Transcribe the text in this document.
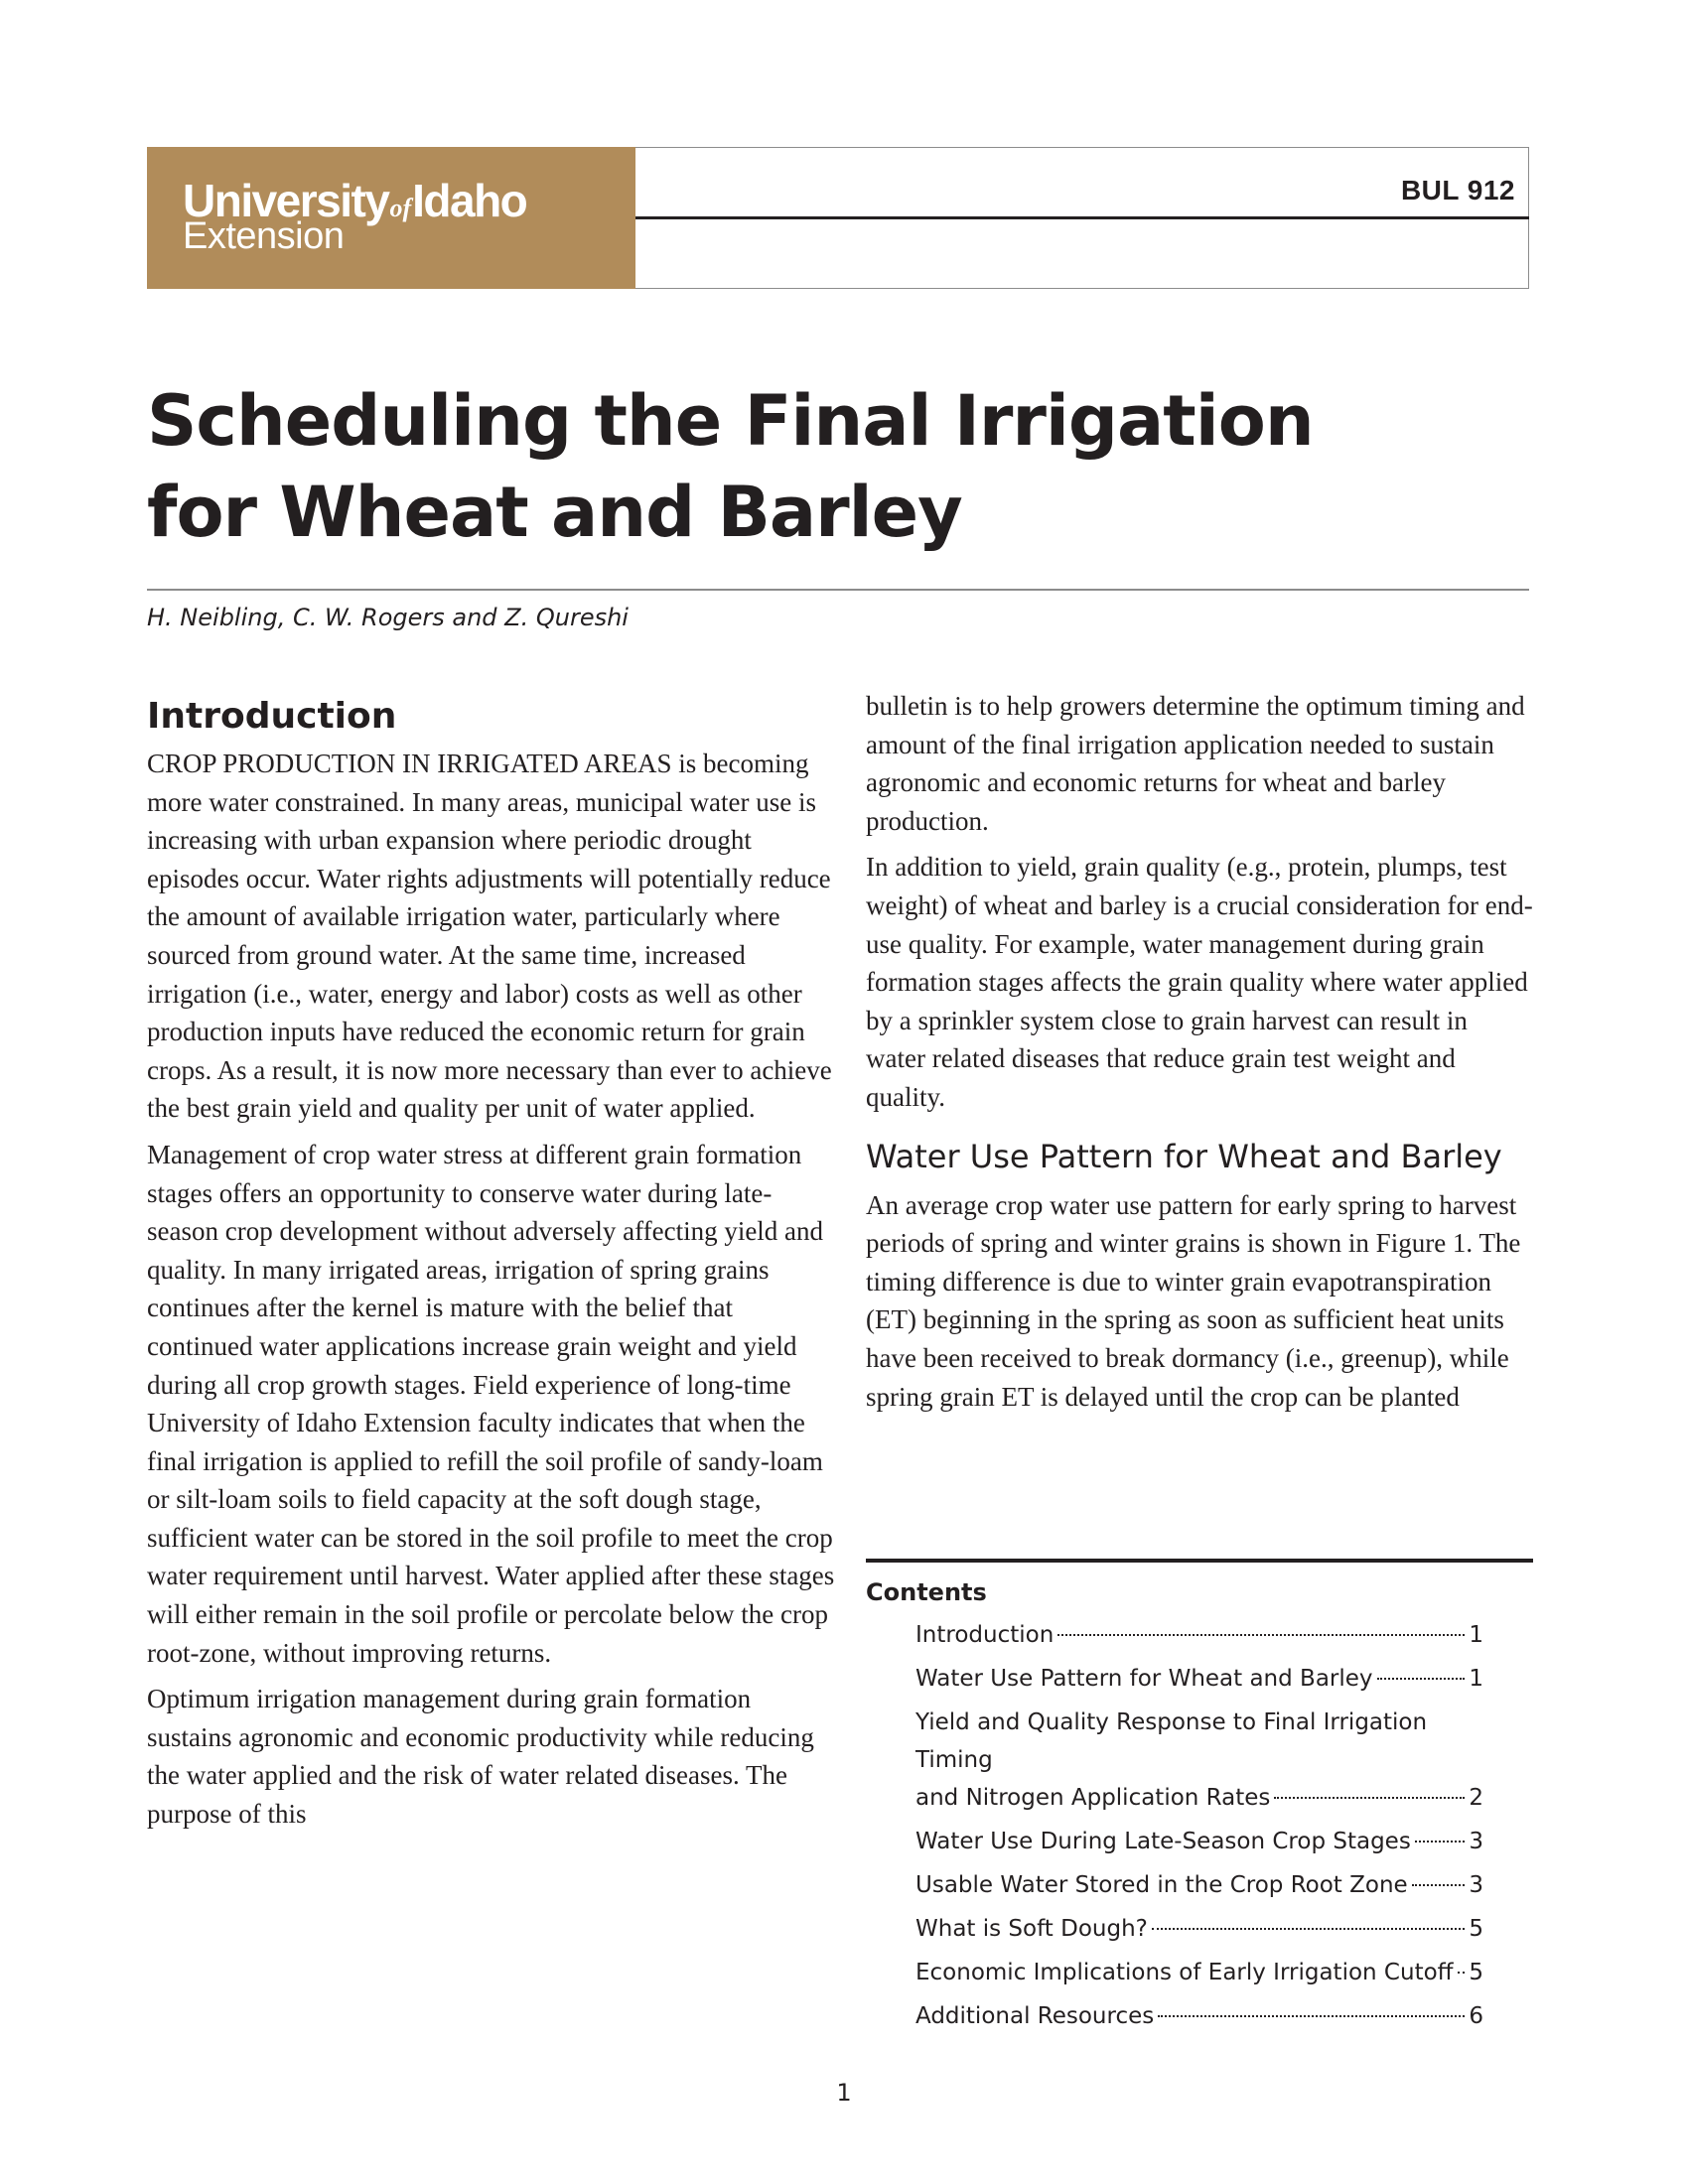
UniversityofIdaho
Extension
BUL 912
Scheduling the Final Irrigation for Wheat and Barley
H. Neibling, C. W. Rogers and Z. Qureshi
Introduction

CROP PRODUCTION IN IRRIGATED AREAS is becoming more water constrained. In many areas, municipal water use is increasing with urban expansion where periodic drought episodes occur. Water rights adjustments will potentially reduce the amount of available irrigation water, particularly where sourced from ground water. At the same time, increased irrigation (i.e., water, energy and labor) costs as well as other production inputs have reduced the economic return for grain crops. As a result, it is now more necessary than ever to achieve the best grain yield and quality per unit of water applied.

Management of crop water stress at different grain formation stages offers an opportunity to conserve water during late-season crop development without adversely affecting yield and quality. In many irrigated areas, irrigation of spring grains continues after the kernel is mature with the belief that continued water applications increase grain weight and yield during all crop growth stages. Field experience of long-time University of Idaho Extension faculty indicates that when the final irrigation is applied to refill the soil profile of sandy-loam or silt-loam soils to field capacity at the soft dough stage, sufficient water can be stored in the soil profile to meet the crop water requirement until harvest. Water applied after these stages will either remain in the soil profile or percolate below the crop root-zone, without improving returns.

Optimum irrigation management during grain formation sustains agronomic and economic productivity while reducing the water applied and the risk of water related diseases. The purpose of this

bulletin is to help growers determine the optimum timing and amount of the final irrigation application needed to sustain agronomic and economic returns for wheat and barley production.

In addition to yield, grain quality (e.g., protein, plumps, test weight) of wheat and barley is a crucial consideration for end-use quality. For example, water management during grain formation stages affects the grain quality where water applied by a sprinkler system close to grain harvest can result in water related diseases that reduce grain test weight and quality.

Water Use Pattern for Wheat and Barley

An average crop water use pattern for early spring to harvest periods of spring and winter grains is shown in Figure 1. The timing difference is due to winter grain evapotranspiration (ET) beginning in the spring as soon as sufficient heat units have been received to break dormancy (i.e., greenup), while spring grain ET is delayed until the crop can be planted

Contents
Introduction	1
Water Use Pattern for Wheat and Barley	1
Yield and Quality Response to Final Irrigation Timing
and Nitrogen Application Rates	2
Water Use During Late-Season Crop Stages	3
Usable Water Stored in the Crop Root Zone	3
What is Soft Dough?	5
Economic Implications of Early Irrigation Cutoff 5
Additional Resources	6
1
